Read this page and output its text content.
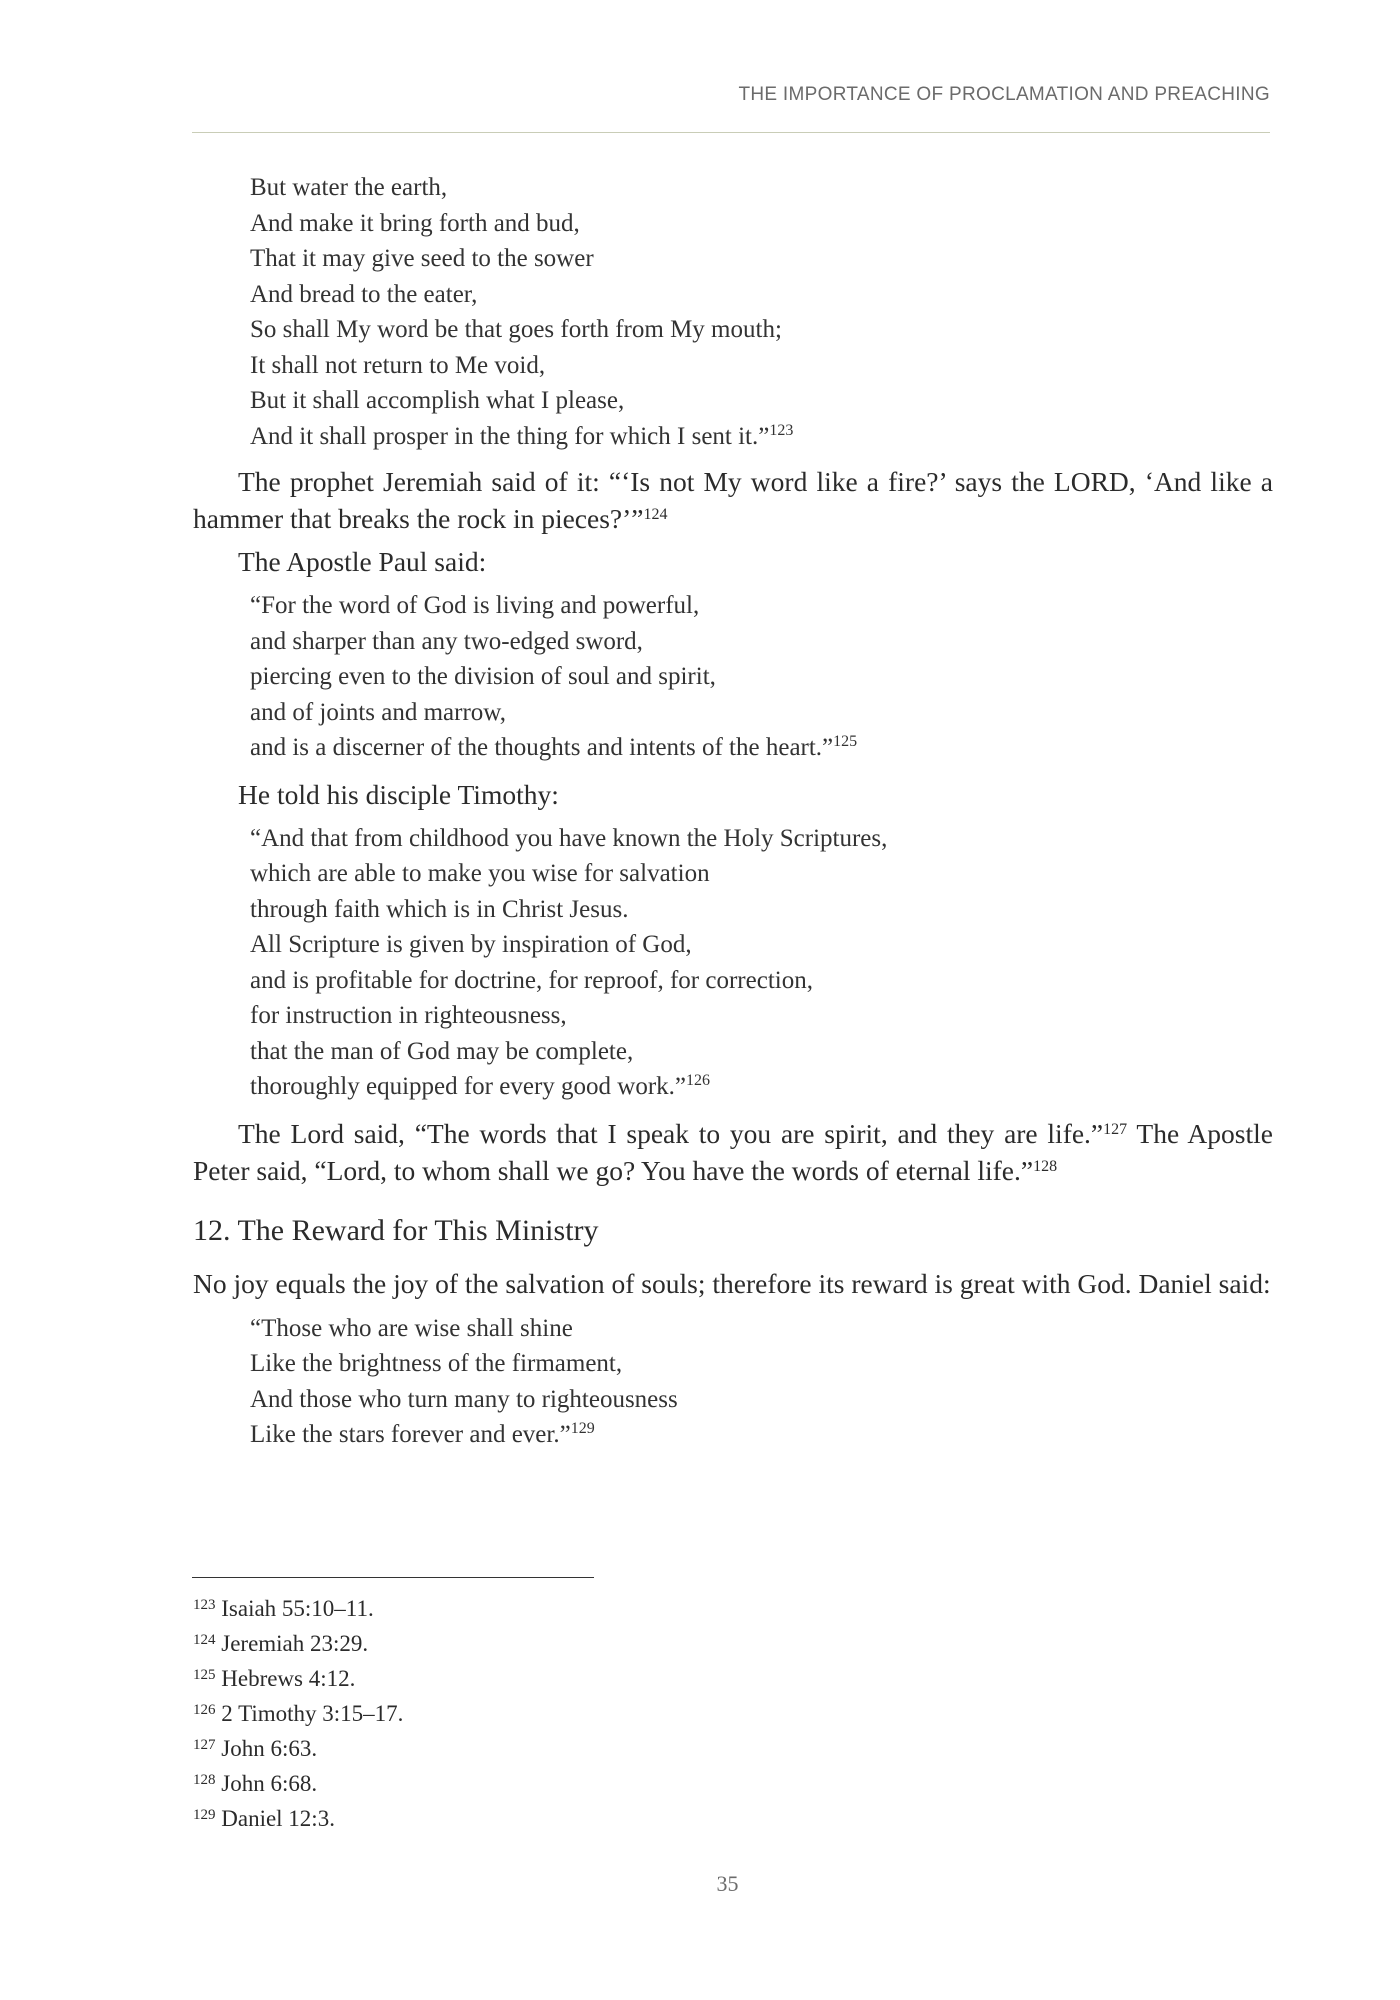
THE IMPORTANCE OF PROCLAMATION AND PREACHING
But water the earth,
And make it bring forth and bud,
That it may give seed to the sower
And bread to the eater,
So shall My word be that goes forth from My mouth;
It shall not return to Me void,
But it shall accomplish what I please,
And it shall prosper in the thing for which I sent it.”$^{123}$

The prophet Jeremiah said of it: “‘Is not My word like a fire?’ says the LORD, ‘And like a hammer that breaks the rock in pieces?’”$^{124}$

The Apostle Paul said:

“For the word of God is living and powerful,
and sharper than any two-edged sword,
piercing even to the division of soul and spirit,
and of joints and marrow,
and is a discerner of the thoughts and intents of the heart.”$^{125}$

He told his disciple Timothy:

“And that from childhood you have known the Holy Scriptures,
which are able to make you wise for salvation
through faith which is in Christ Jesus.
All Scripture is given by inspiration of God,
and is profitable for doctrine, for reproof, for correction,
for instruction in righteousness,
that the man of God may be complete,
thoroughly equipped for every good work.”$^{126}$

The Lord said, “The words that I speak to you are spirit, and they are life.”$^{127}$ The Apostle Peter said, “Lord, to whom shall we go? You have the words of eternal life.”$^{128}$

12. The Reward for This Ministry

No joy equals the joy of the salvation of souls; therefore its reward is great with God. Daniel said:

“Those who are wise shall shine
Like the brightness of the firmament,
And those who turn many to righteousness
Like the stars forever and ever.”$^{129}$
$^{123}$ Isaiah 55:10–11.
$^{124}$ Jeremiah 23:29.
$^{125}$ Hebrews 4:12.
$^{126}$ 2 Timothy 3:15–17.
$^{127}$ John 6:63.
$^{128}$ John 6:68.
$^{129}$ Daniel 12:3.
35
